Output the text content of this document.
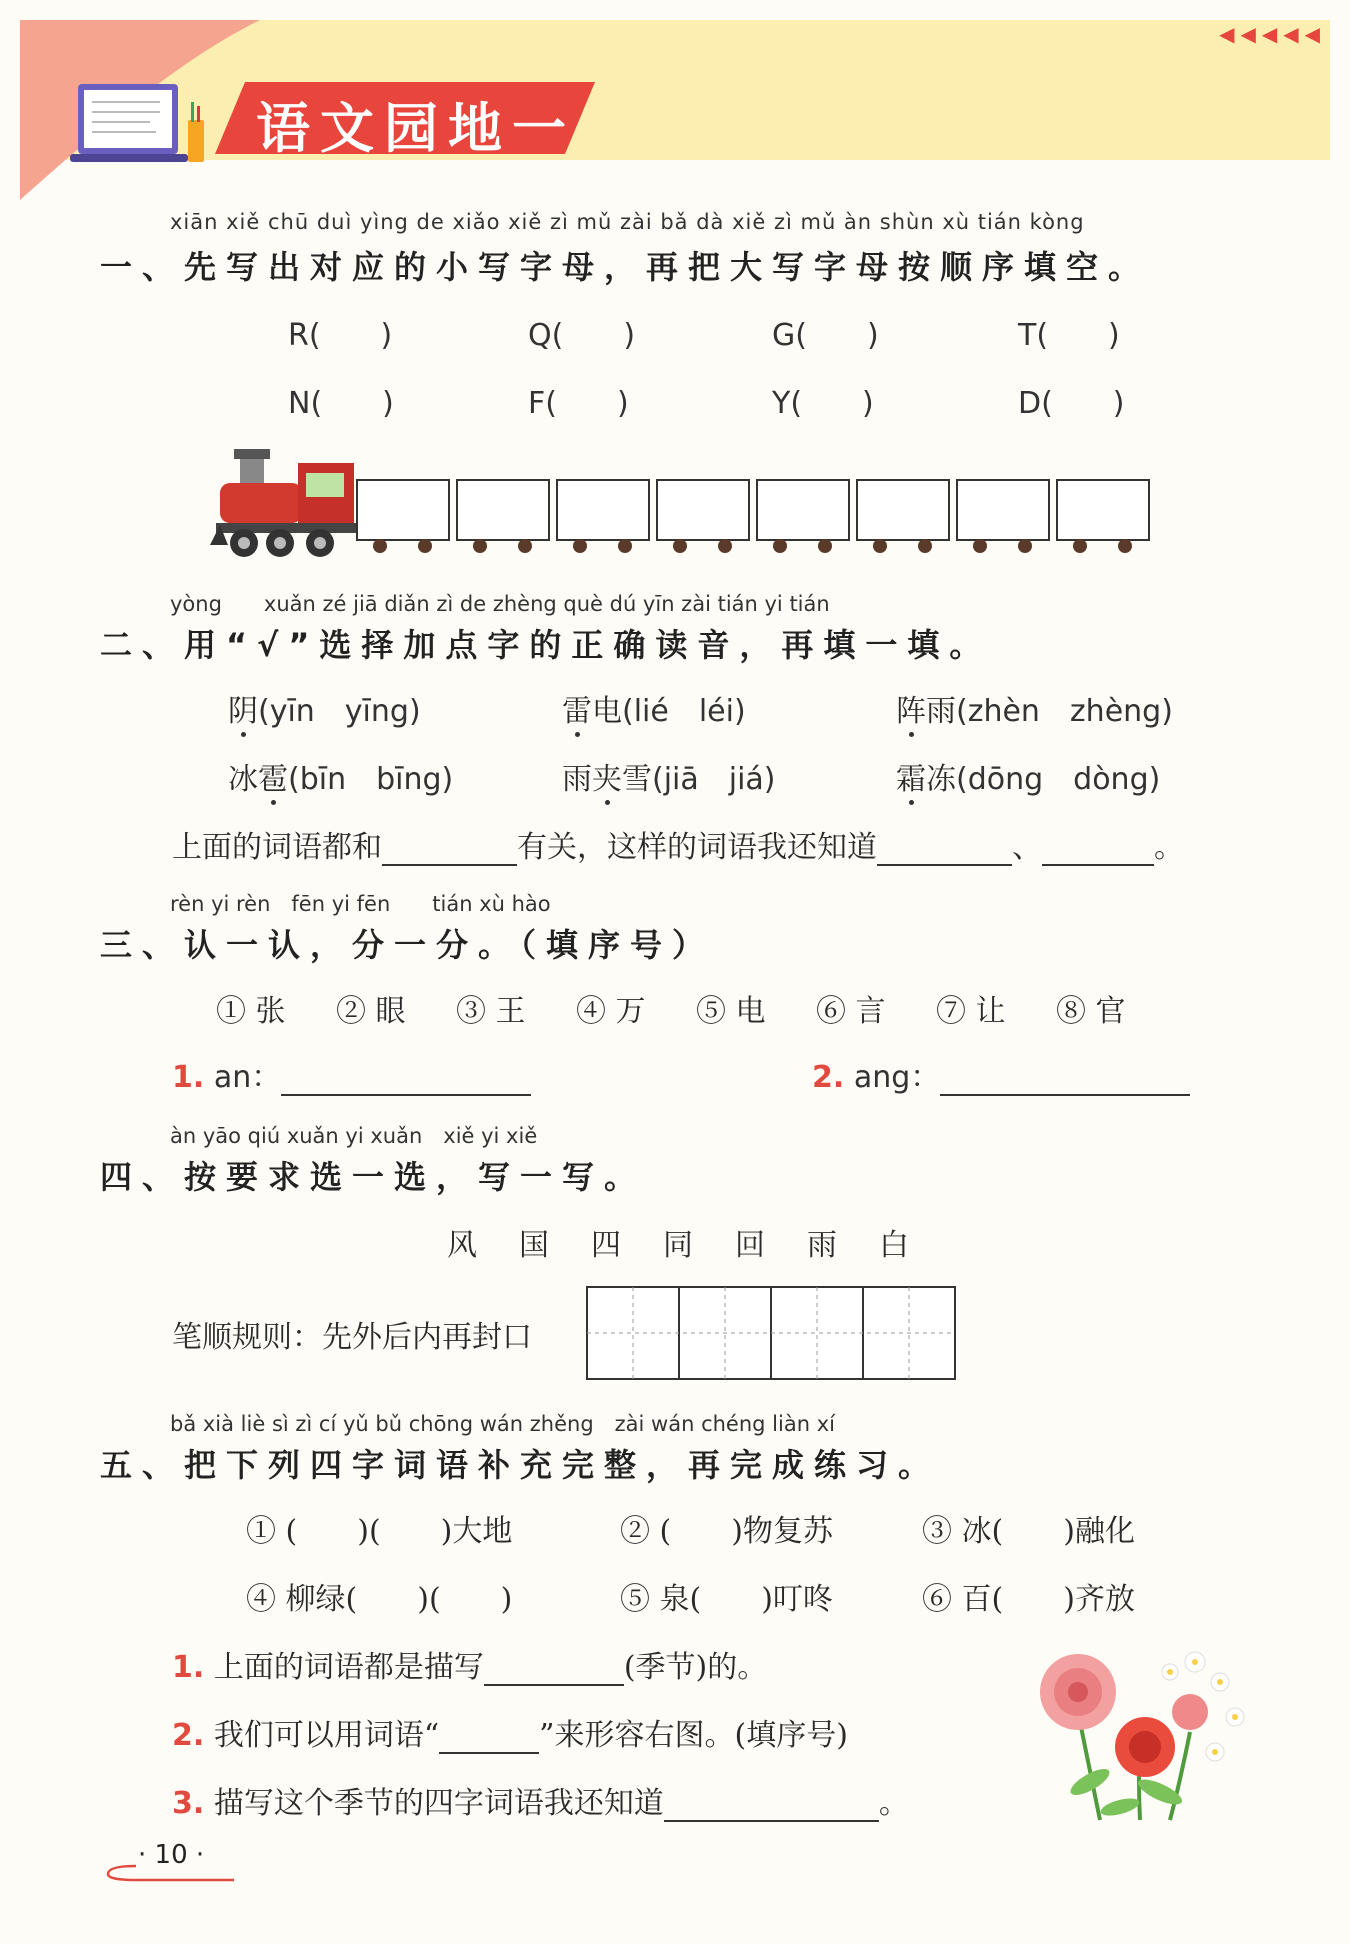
语文园地一
◀◀◀◀◀
xiān xiě chū duì yìng de xiǎo xiě zì mǔ zài bǎ dà xiě zì mǔ àn shùn xù tián kòng
一、先写出对应的小写字母，再把大写字母按顺序填空。
R(　　)	Q(　　)	G(　　)	T(　　)
N(　　)	F(　　)	Y(　　)	D(　　)
yòng　　xuǎn zé jiā diǎn zì de zhèng què dú yīn zài tián yi tián
二、用“√”选择加点字的正确读音，再填一填。
阴(yīn　yīng)	雷电(lié　léi)	阵雨(zhèn　zhèng)
冰雹(bīn　bīng)	雨夹雪(jiā　jiá)	霜冻(dōng　dòng)
上面的词语都和	有关，这样的词语我还知道	、	。
rèn yi rèn　fēn yi fēn　　tián xù hào
三、认一认，分一分。（填序号）
① 张 ② 眼 ③ 王 ④ 万 ⑤ 电 ⑥ 言 ⑦ 让 ⑧ 官
1. an：	2. ang：
àn yāo qiú xuǎn yi xuǎn　xiě yi xiě
四、按要求选一选，写一写。
风 国 四 同 回 雨 白
笔顺规则：先外后内再封口
bǎ xià liè sì zì cí yǔ bǔ chōng wán zhěng　zài wán chéng liàn xí
五、把下列四字词语补充完整，再完成练习。
① (　　)(　　)大地	② (　　)物复苏	③ 冰(　　)融化
④ 柳绿(　　)(　　)	⑤ 泉(　　)叮咚	⑥ 百(　　)齐放
1. 上面的词语都是描写	(季节)的。
2. 我们可以用词语“	”来形容右图。(填序号)
3. 描写这个季节的四字词语我还知道	。
· 10 ·
